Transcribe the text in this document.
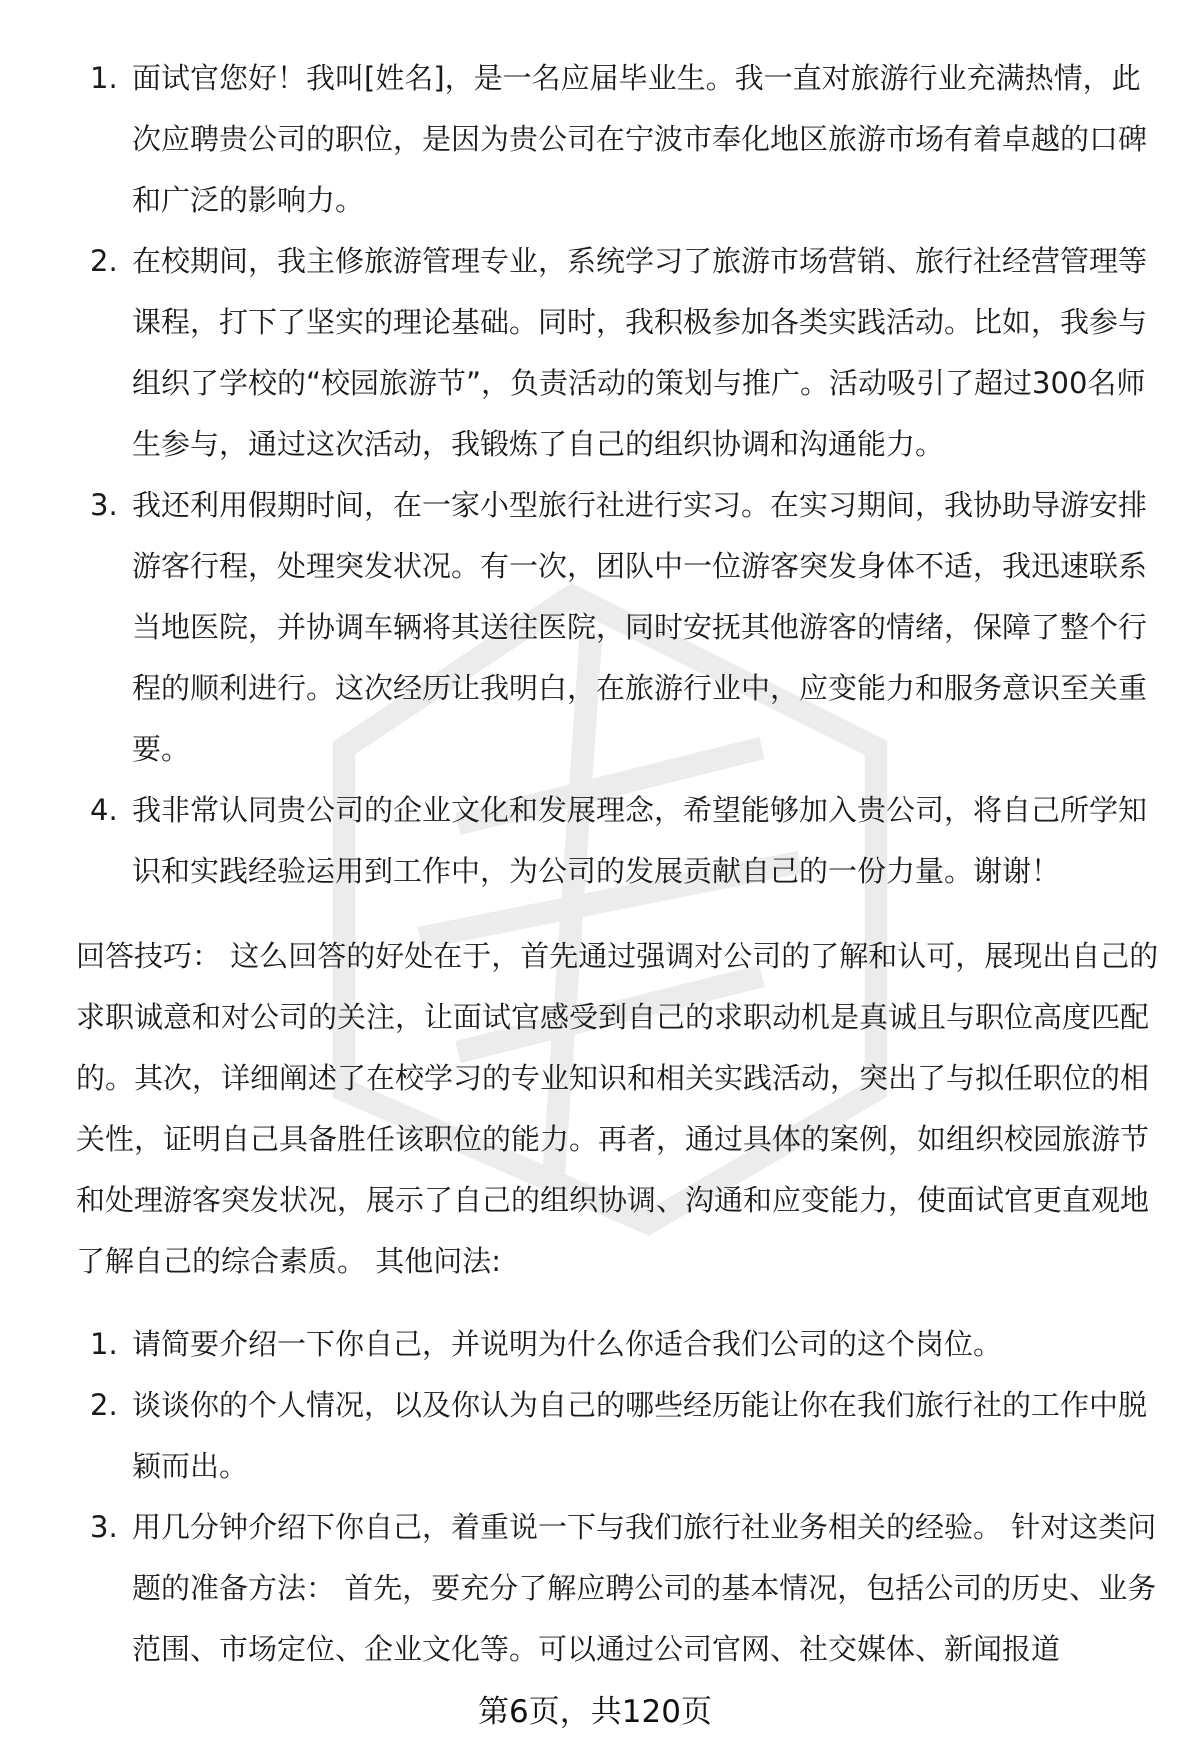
1. 面试官您好！我叫[姓名]，是一名应届毕业生。我一直对旅游行业充满热情，此次应聘贵公司的职位，是因为贵公司在宁波市奉化地区旅游市场有着卓越的口碑和广泛的影响力。
2. 在校期间，我主修旅游管理专业，系统学习了旅游市场营销、旅行社经营管理等课程，打下了坚实的理论基础。同时，我积极参加各类实践活动。比如，我参与组织了学校的“校园旅游节”，负责活动的策划与推广。活动吸引了超过300名师生参与，通过这次活动，我锻炼了自己的组织协调和沟通能力。
3. 我还利用假期时间，在一家小型旅行社进行实习。在实习期间，我协助导游安排游客行程，处理突发状况。有一次，团队中一位游客突发身体不适，我迅速联系当地医院，并协调车辆将其送往医院，同时安抚其他游客的情绪，保障了整个行程的顺利进行。这次经历让我明白，在旅游行业中，应变能力和服务意识至关重要。
4. 我非常认同贵公司的企业文化和发展理念，希望能够加入贵公司，将自己所学知识和实践经验运用到工作中，为公司的发展贡献自己的一份力量。谢谢！

回答技巧： 这么回答的好处在于，首先通过强调对公司的了解和认可，展现出自己的求职诚意和对公司的关注，让面试官感受到自己的求职动机是真诚且与职位高度匹配的。其次，详细阐述了在校学习的专业知识和相关实践活动，突出了与拟任职位的相关性，证明自己具备胜任该职位的能力。再者，通过具体的案例，如组织校园旅游节和处理游客突发状况，展示了自己的组织协调、沟通和应变能力，使面试官更直观地了解自己的综合素质。 其他问法:

1. 请简要介绍一下你自己，并说明为什么你适合我们公司的这个岗位。
2. 谈谈你的个人情况，以及你认为自己的哪些经历能让你在我们旅行社的工作中脱颖而出。
3. 用几分钟介绍下你自己，着重说一下与我们旅行社业务相关的经验。 针对这类问题的准备方法： 首先，要充分了解应聘公司的基本情况，包括公司的历史、业务范围、市场定位、企业文化等。可以通过公司官网、社交媒体、新闻报道
第6页，共120页
